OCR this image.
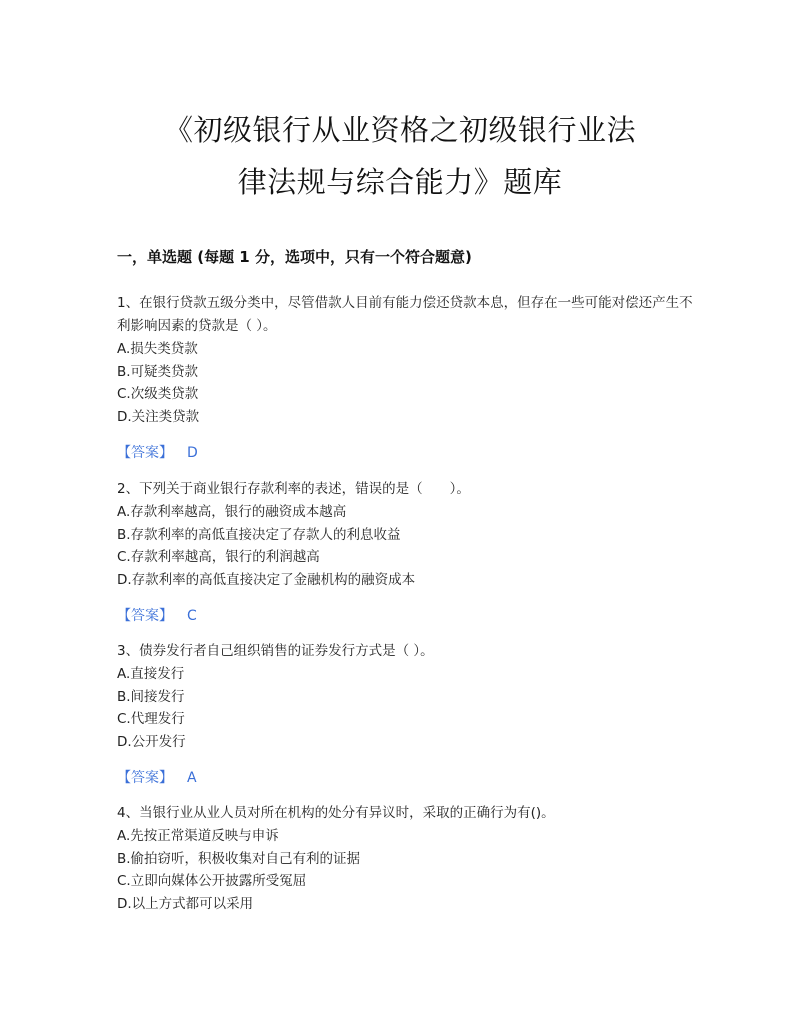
《初级银行从业资格之初级银行业法
律法规与综合能力》题库
一，单选题 (每题 1 分，选项中，只有一个符合题意)
1、在银行贷款五级分类中，尽管借款人目前有能力偿还贷款本息，但存在一些可能对偿还产生不利影响因素的贷款是（ ）。
A.损失类贷款
B.可疑类贷款
C.次级类贷款
D.关注类贷款
【答案】 D
2、下列关于商业银行存款利率的表述，错误的是（　　）。
A.存款利率越高，银行的融资成本越高
B.存款利率的高低直接决定了存款人的利息收益
C.存款利率越高，银行的利润越高
D.存款利率的高低直接决定了金融机构的融资成本
【答案】 C
3、债券发行者自己组织销售的证券发行方式是（ ）。
A.直接发行
B.间接发行
C.代理发行
D.公开发行
【答案】 A
4、当银行业从业人员对所在机构的处分有异议时，采取的正确行为有()。
A.先按正常渠道反映与申诉
B.偷拍窃听，积极收集对自己有利的证据
C.立即向媒体公开披露所受冤屈
D.以上方式都可以采用
